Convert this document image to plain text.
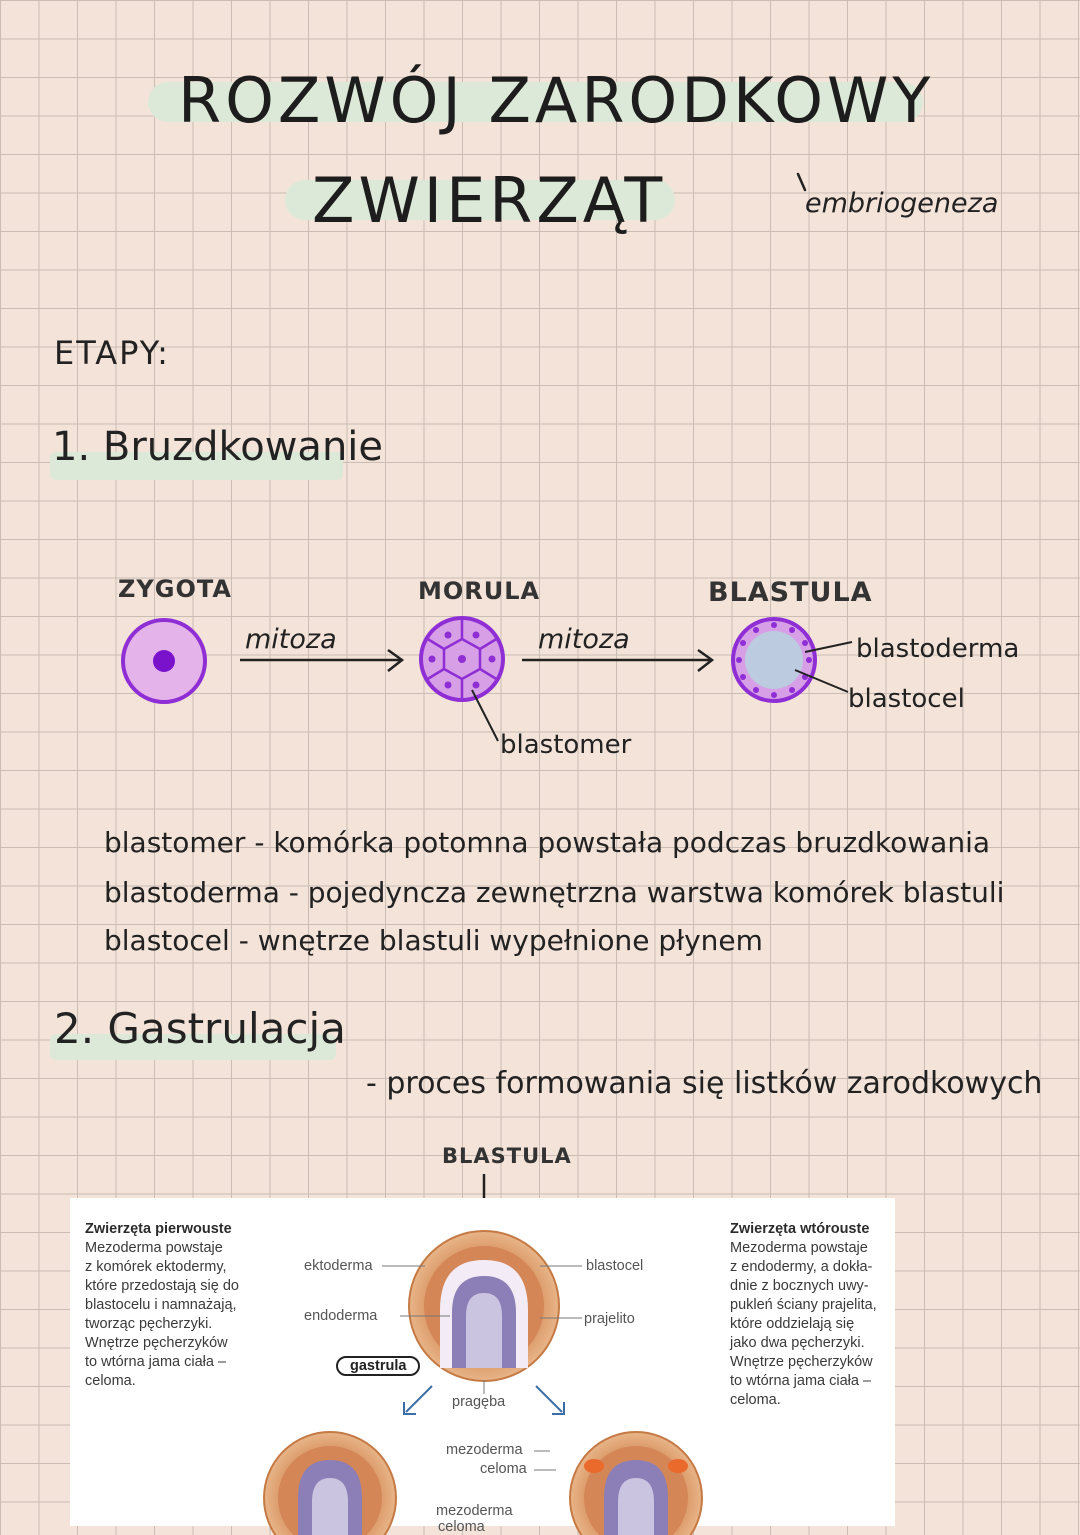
ROZWÓJ ZARODKOWY
ZWIERZĄT	embriogeneza
ETAPY:
1. Bruzdkowanie
ZYGOTA	MORULA	BLASTULA
mitoza	mitoza
blastomer
blastoderma
blastocel
blastomer - komórka potomna powstała podczas bruzdkowania
blastoderma - pojedyncza zewnętrzna warstwa komórek blastuli
blastocel - wnętrze blastuli wypełnione płynem
2. Gastrulacja
- proces formowania się listków zarodkowych
BLASTULA
Zwierzęta pierwouste
Mezoderma powstaje
z komórek ektodermy,
które przedostają się do
blastocelu i namnażają,
tworząc pęcherzyki.
Wnętrze pęcherzyków
to wtórna jama ciała –
celoma.
Zwierzęta wtórouste
Mezoderma powstaje
z endodermy, a dokła-
dnie z bocznych uwy-
pukleń ściany prajelita,
które oddzielają się
jako dwa pęcherzyki.
Wnętrze pęcherzyków
to wtórna jama ciała –
celoma.
ektoderma
endoderma
gastrula
blastocel
prajelito
pragęba
mezoderma
celoma
mezoderma
celoma
